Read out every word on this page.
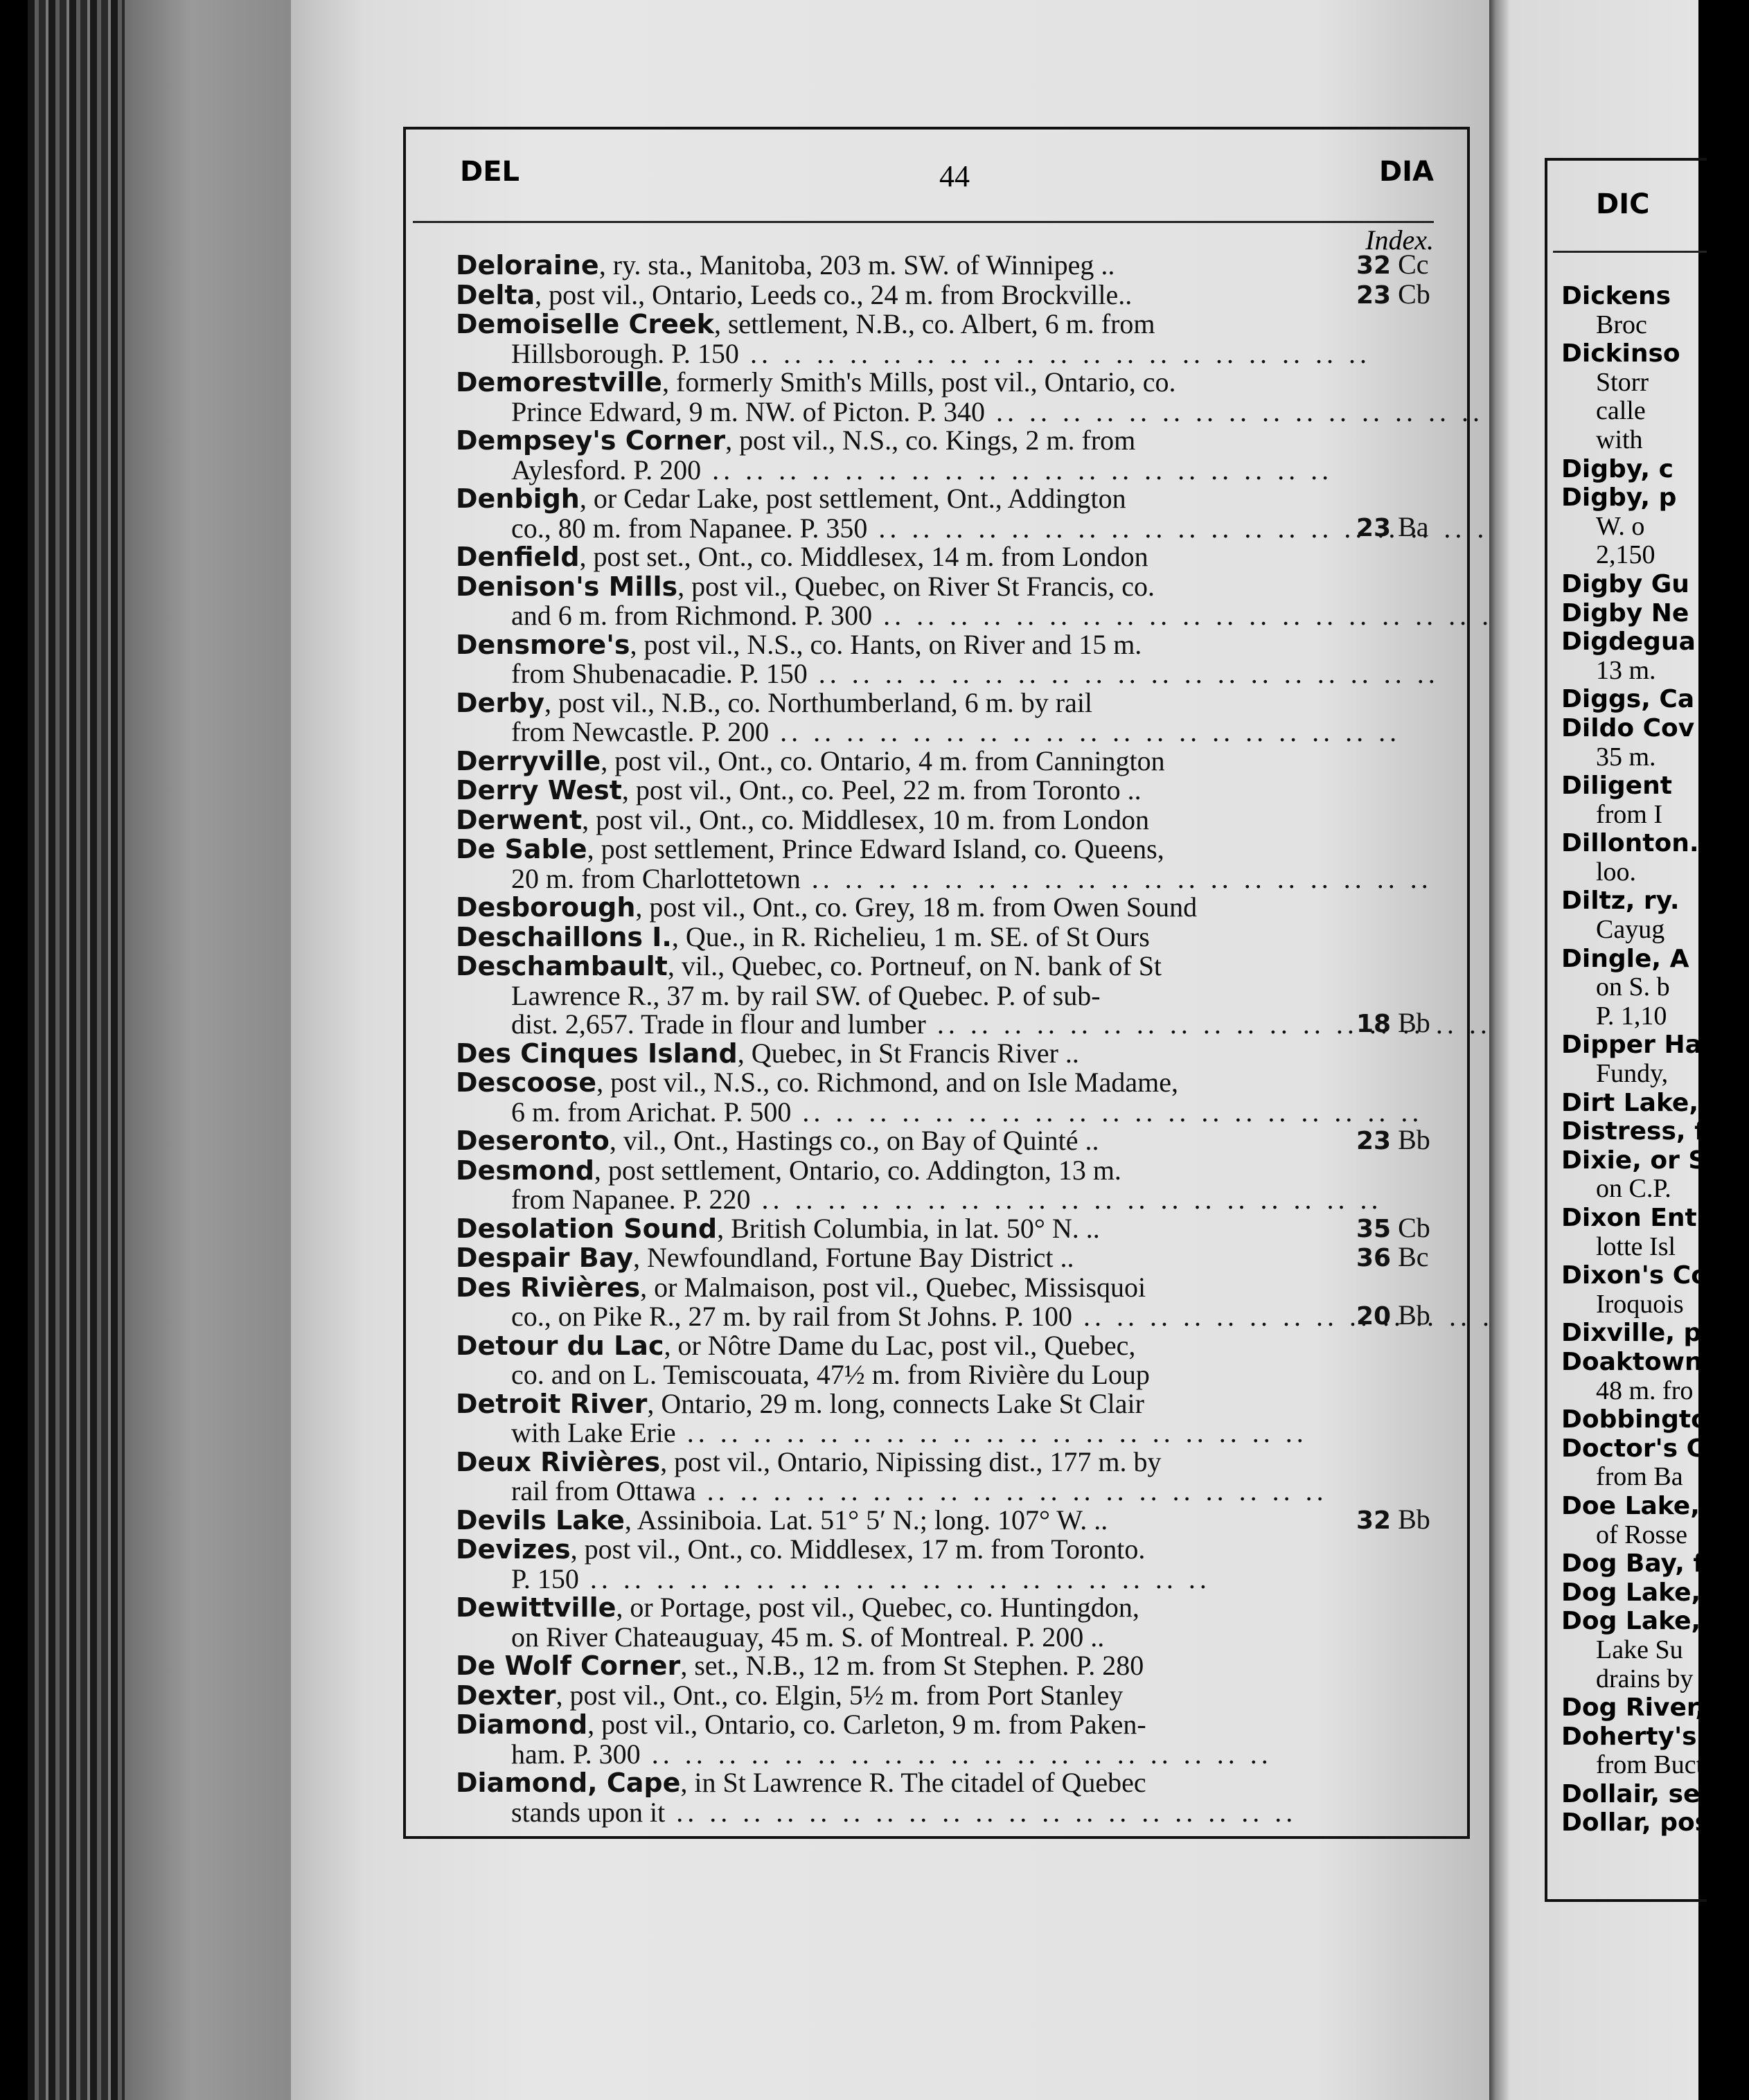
DEL	44	DIA
Index.
Deloraine, ry. sta., Manitoba, 203 m. SW. of Winnipeg ..	32 Cc
Delta, post vil., Ontario, Leeds co., 24 m. from Brockville..	23 Cb
Demoiselle Creek, settlement, N.B., co. Albert, 6 m. from
Hillsborough. P. 150 .. ..
Demorestville, formerly Smith's Mills, post vil., Ontario, co.
Prince Edward, 9 m. NW. of Picton. P. 340 .. ..
Dempsey's Corner, post vil., N.S., co. Kings, 2 m. from
Aylesford. P. 200 .. ..
Denbigh, or Cedar Lake, post settlement, Ont., Addington
co., 80 m. from Napanee. P. 350 .. ..	23 Ba
Denfield, post set., Ont., co. Middlesex, 14 m. from London
Denison's Mills, post vil., Quebec, on River St Francis, co.
and 6 m. from Richmond. P. 300 .. ..
Densmore's, post vil., N.S., co. Hants, on River and 15 m.
from Shubenacadie. P. 150 .. ..
Derby, post vil., N.B., co. Northumberland, 6 m. by rail
from Newcastle. P. 200 .. ..
Derryville, post vil., Ont., co. Ontario, 4 m. from Cannington
Derry West, post vil., Ont., co. Peel, 22 m. from Toronto ..
Derwent, post vil., Ont., co. Middlesex, 10 m. from London
De Sable, post settlement, Prince Edward Island, co. Queens,
20 m. from Charlottetown .. ..
Desborough, post vil., Ont., co. Grey, 18 m. from Owen Sound
Deschaillons I., Que., in R. Richelieu, 1 m. SE. of St Ours
Deschambault, vil., Quebec, co. Portneuf, on N. bank of St
Lawrence R., 37 m. by rail SW. of Quebec. P. of sub-
dist. 2,657. Trade in flour and lumber .. ..	18 Bb
Des Cinques Island, Quebec, in St Francis River ..
Descoose, post vil., N.S., co. Richmond, and on Isle Madame,
6 m. from Arichat. P. 500 .. ..
Deseronto, vil., Ont., Hastings co., on Bay of Quinté ..	23 Bb
Desmond, post settlement, Ontario, co. Addington, 13 m.
from Napanee. P. 220 .. ..
Desolation Sound, British Columbia, in lat. 50° N. ..	35 Cb
Despair Bay, Newfoundland, Fortune Bay District ..	36 Bc
Des Rivières, or Malmaison, post vil., Quebec, Missisquoi
co., on Pike R., 27 m. by rail from St Johns. P. 100 .. ..	20 Bb
Detour du Lac, or Nôtre Dame du Lac, post vil., Quebec,
co. and on L. Temiscouata, 47½ m. from Rivière du Loup
Detroit River, Ontario, 29 m. long, connects Lake St Clair
with Lake Erie .. ..
Deux Rivières, post vil., Ontario, Nipissing dist., 177 m. by
rail from Ottawa .. ..
Devils Lake, Assiniboia. Lat. 51° 5′ N.; long. 107° W. ..	32 Bb
Devizes, post vil., Ont., co. Middlesex, 17 m. from Toronto.
P. 150 .. ..
Dewittville, or Portage, post vil., Quebec, co. Huntingdon,
on River Chateauguay, 45 m. S. of Montreal. P. 200 ..
De Wolf Corner, set., N.B., 12 m. from St Stephen. P. 280
Dexter, post vil., Ont., co. Elgin, 5½ m. from Port Stanley
Diamond, post vil., Ontario, co. Carleton, 9 m. from Paken-
ham. P. 300 .. ..
Diamond, Cape, in St Lawrence R. The citadel of Quebec
stands upon it .. ..
DIC
Dickens
Broc
Dickinso
Storr
calle
with
Digby, c
Digby, p
W. o
2,150
Digby Gu
Digby Ne
Digdegua
13 m.
Diggs, Ca
Dildo Cov
35 m.
Diligent
from I
Dillonton.
loo.
Diltz, ry.
Cayug
Dingle, A
on S. b
P. 1,10
Dipper Ha
Fundy,
Dirt Lake,
Distress, fi
Dixie, or S
on C.P.
Dixon Entr
lotte Isl
Dixon's Cor
Iroquois
Dixville, po
Doaktown,
48 m. fro
Dobbington
Doctor's Co
from Ba
Doe Lake, s
of Rosse
Dog Bay, fish
Dog Lake, M
Dog Lake, la
Lake Su
drains by
Dog River, O
Doherty's M
from Buct
Dollair, set., I
Dollar, post v
